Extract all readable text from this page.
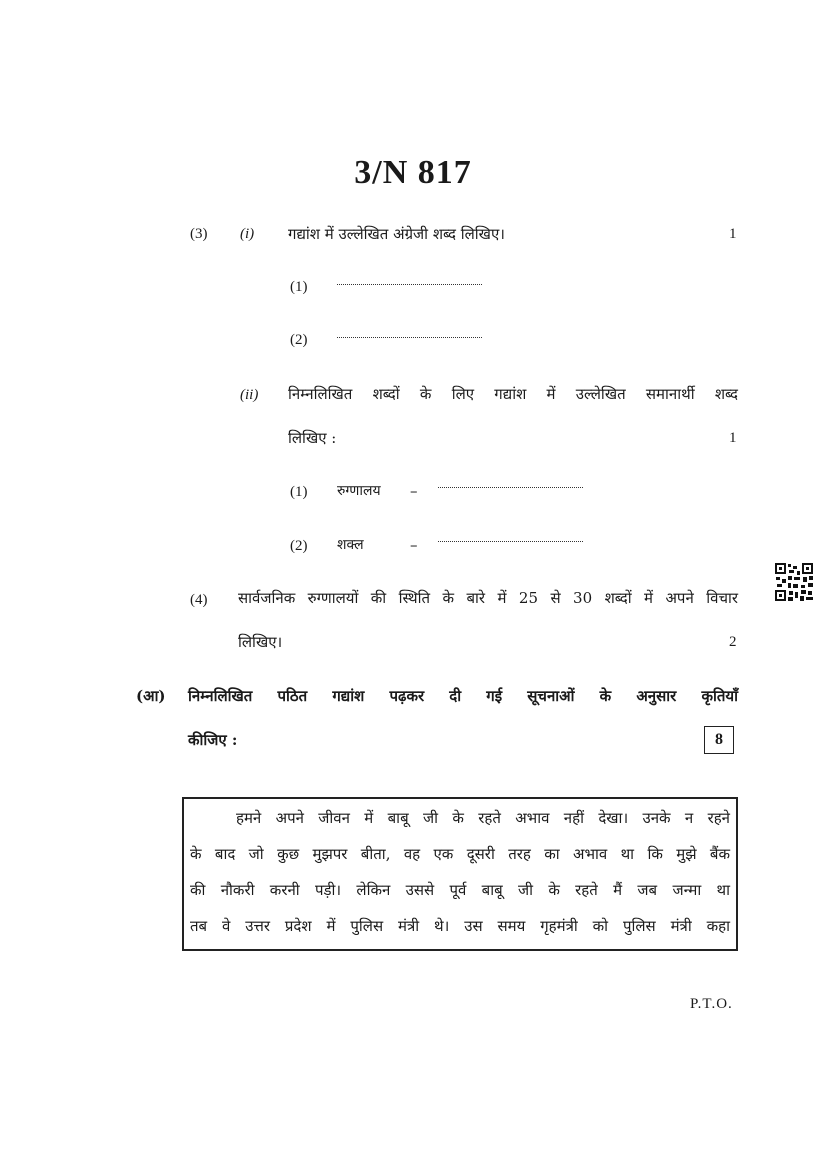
3/N 817
(3) (i) गद्यांश में उल्लेखित अंग्रेजी शब्द लिखिए।	1
(1)
(2)
(ii) निम्नलिखित शब्दों के लिए गद्यांश में उल्लेखित समानार्थी शब्द
लिखिए :	1
(1) रुग्णालय –
(2) शक्ल	–
(4) सार्वजनिक रुग्णालयों की स्थिति के बारे में 25 से 30 शब्दों में अपने विचार
लिखिए।	2
(आ) निम्नलिखित पठित गद्यांश पढ़कर दी गई सूचनाओं के अनुसार कृतियाँ
कीजिए :	8
हमने अपने जीवन में बाबू जी के रहते अभाव नहीं देखा। उनके न रहने
के बाद जो कुछ मुझपर बीता, वह एक दूसरी तरह का अभाव था कि मुझे बैंक
की नौकरी करनी पड़ी। लेकिन उससे पूर्व बाबू जी के रहते मैं जब जन्मा था
तब वे उत्तर प्रदेश में पुलिस मंत्री थे। उस समय गृहमंत्री को पुलिस मंत्री कहा
P.T.O.
